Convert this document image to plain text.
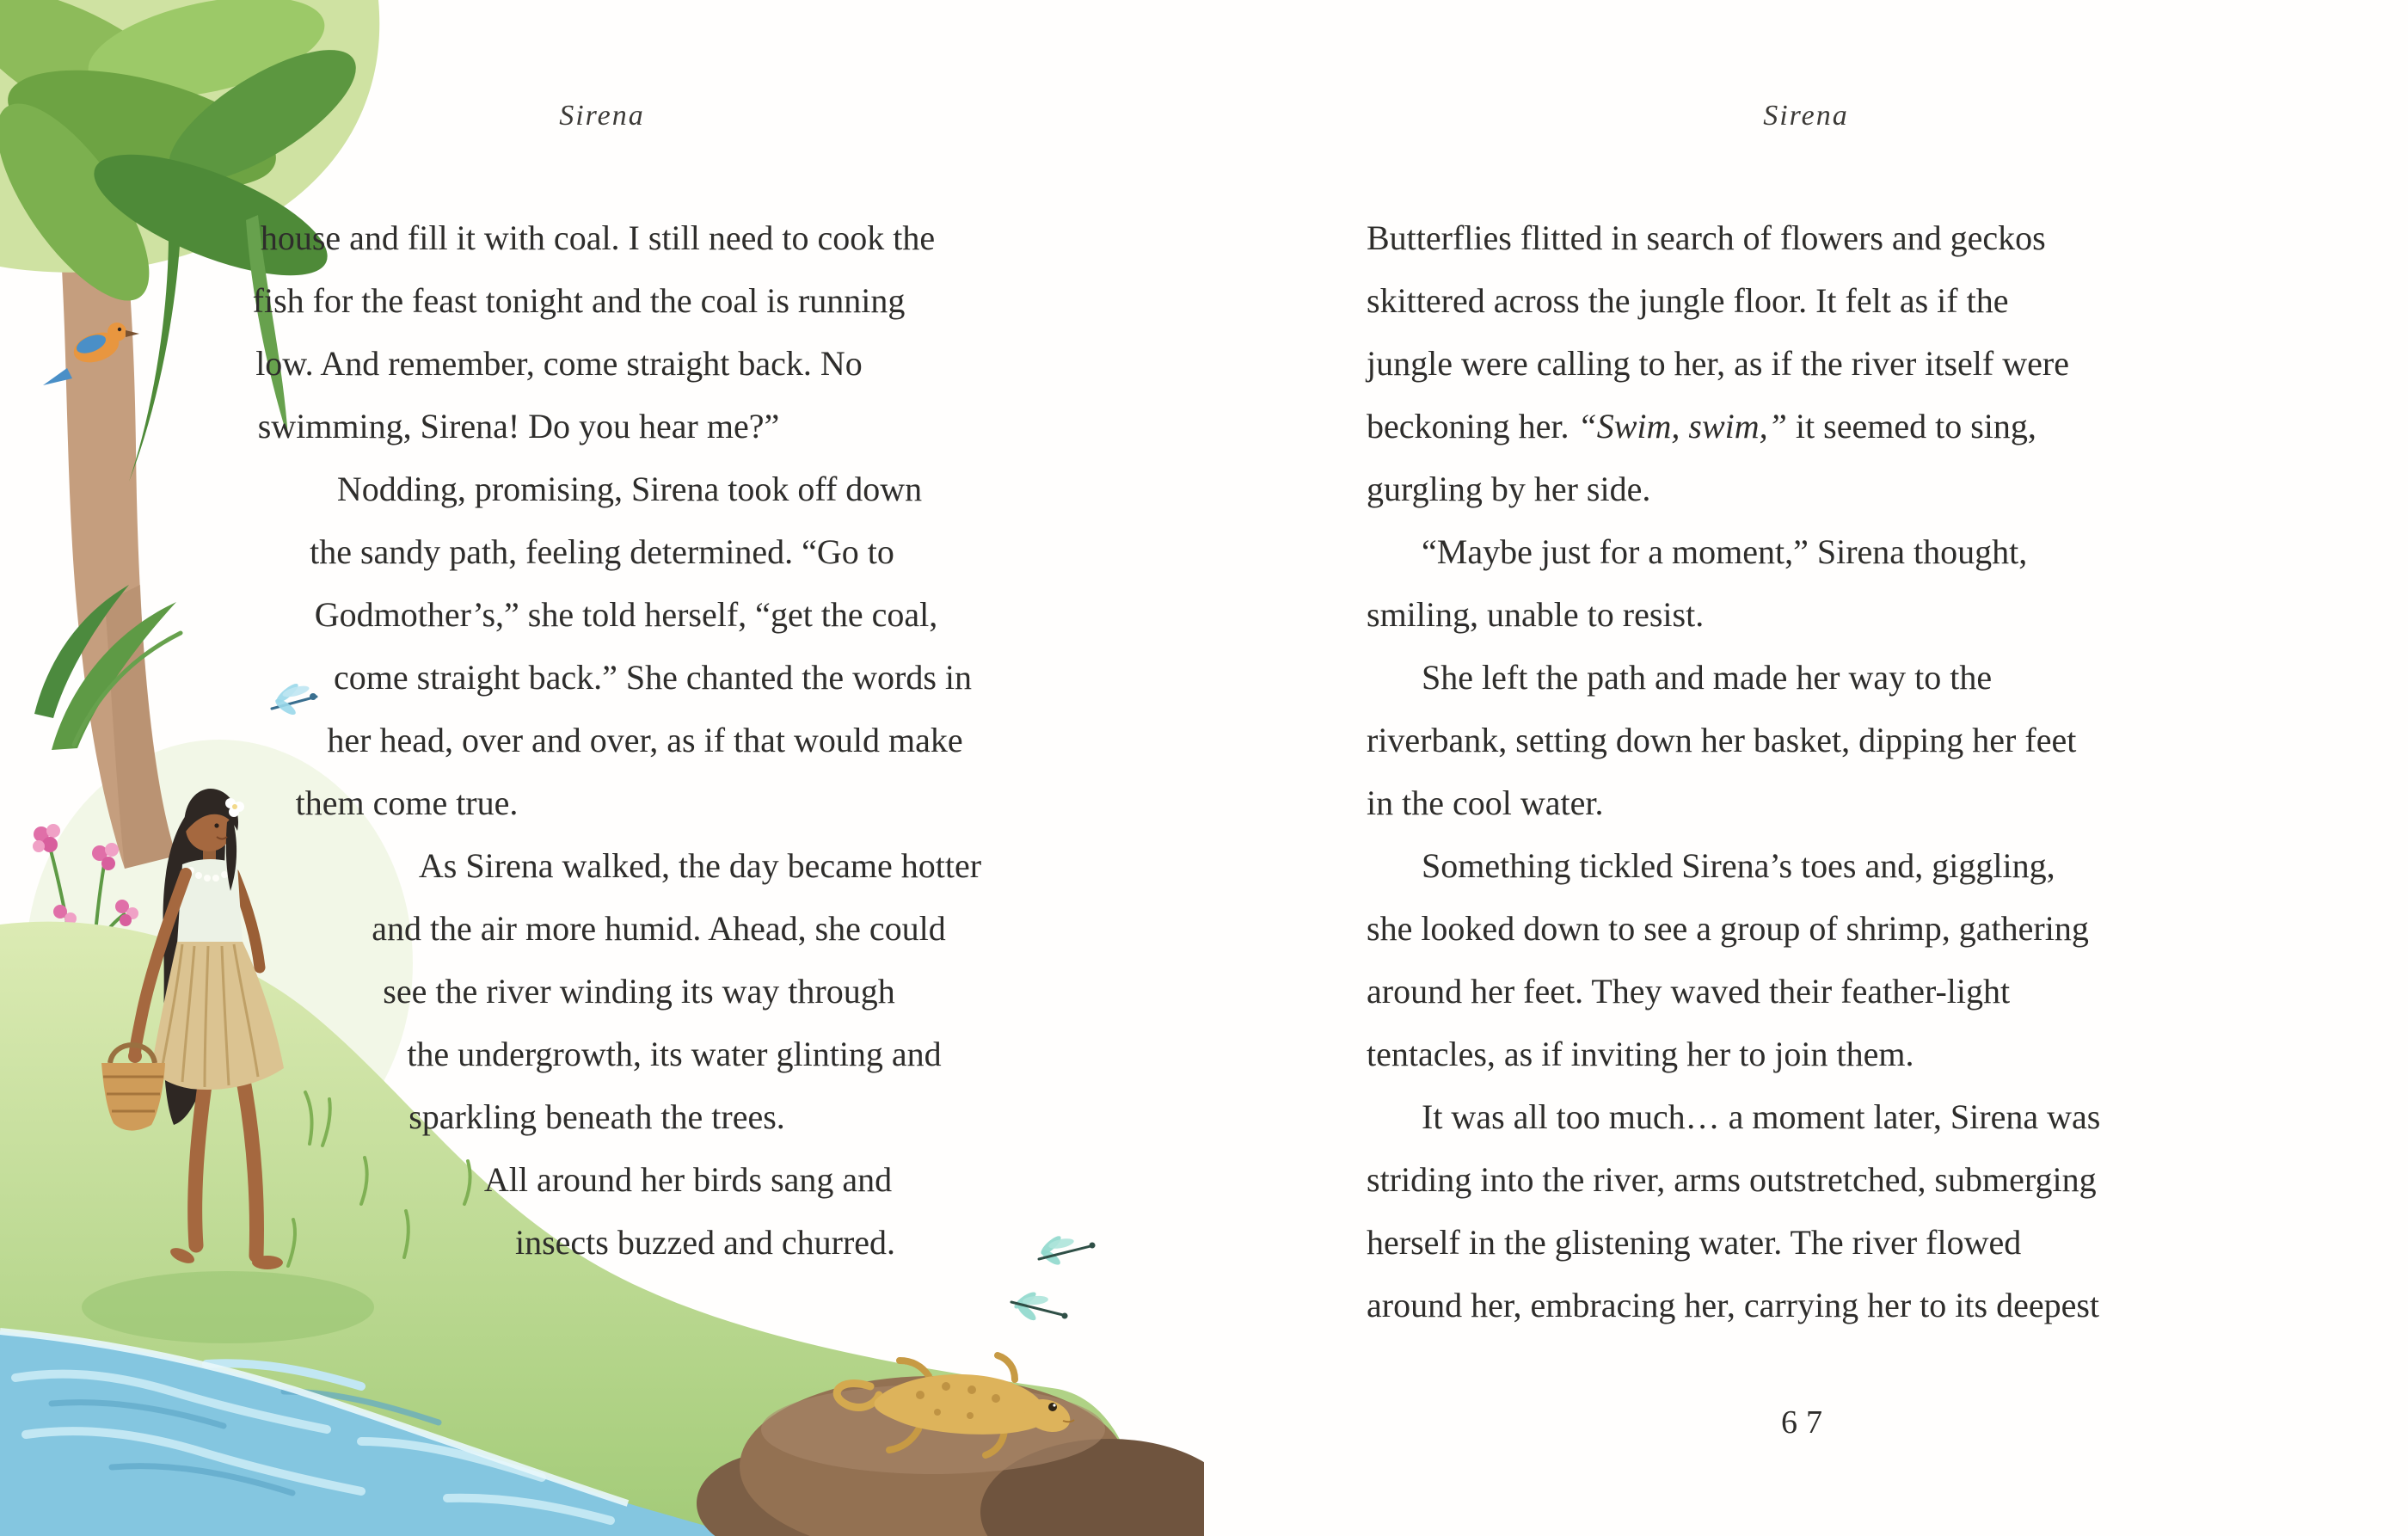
Sirena
house and fill it with coal. I still need to cook the
fish for the feast tonight and the coal is running
low. And remember, come straight back. No
swimming, Sirena! Do you hear me?”
Nodding, promising, Sirena took off down
the sandy path, feeling determined. “Go to
Godmother’s,” she told herself, “get the coal,
come straight back.” She chanted the words in
her head, over and over, as if that would make
them come true.
As Sirena walked, the day became hotter
and the air more humid. Ahead, she could
see the river winding its way through
the undergrowth, its water glinting and
sparkling beneath the trees.
All around her birds sang and
insects buzzed and churred.
Sirena
Butterflies flitted in search of flowers and geckos
skittered across the jungle floor. It felt as if the
jungle were calling to her, as if the river itself were
beckoning her. “Swim, swim,” it seemed to sing,
gurgling by her side.
“Maybe just for a moment,” Sirena thought,
smiling, unable to resist.
She left the path and made her way to the
riverbank, setting down her basket, dipping her feet
in the cool water.
Something tickled Sirena’s toes and, giggling,
she looked down to see a group of shrimp, gathering
around her feet. They waved their feather-light
tentacles, as if inviting her to join them.
It was all too much… a moment later, Sirena was
striding into the river, arms outstretched, submerging
herself in the glistening water. The river flowed
around her, embracing her, carrying her to its deepest
67
